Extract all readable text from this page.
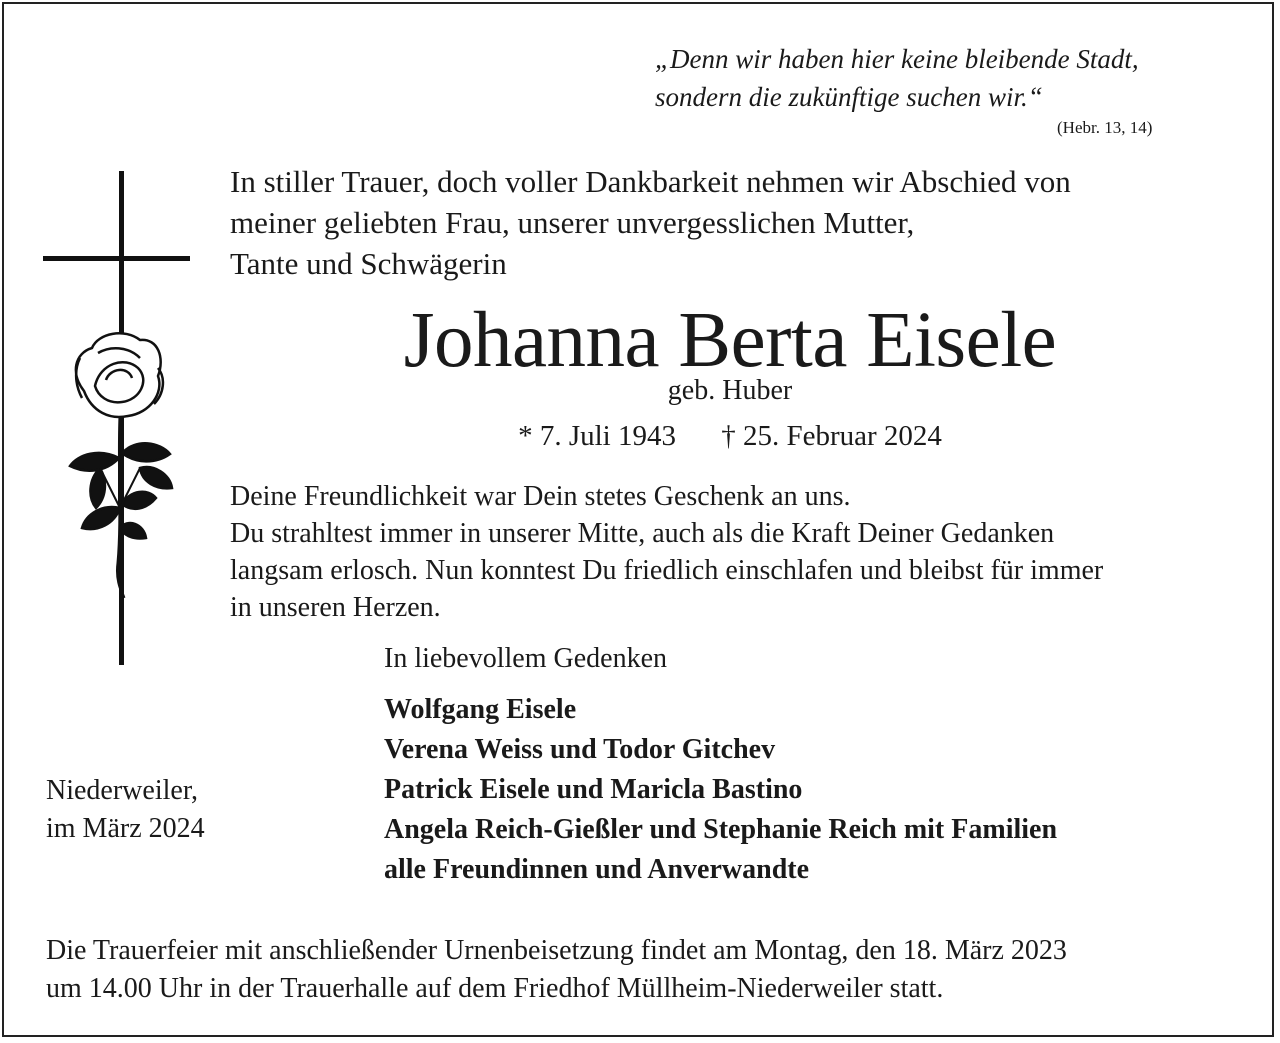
„Denn wir haben hier keine bleibende Stadt,
sondern die zukünftige suchen wir.“
(Hebr. 13, 14)
In stiller Trauer, doch voller Dankbarkeit nehmen wir Abschied von
meiner geliebten Frau, unserer unvergesslichen Mutter,
Tante und Schwägerin
Johanna Berta Eisele
geb. Huber
* 7. Juli 1943 † 25. Februar 2024
Deine Freundlichkeit war Dein stetes Geschenk an uns.
Du strahltest immer in unserer Mitte, auch als die Kraft Deiner Gedanken
langsam erlosch. Nun konntest Du friedlich einschlafen und bleibst für immer
in unseren Herzen.
In liebevollem Gedenken
Wolfgang Eisele
Verena Weiss und Todor Gitchev
Patrick Eisele und Maricla Bastino
Angela Reich-Gießler und Stephanie Reich mit Familien
alle Freundinnen und Anverwandte
Niederweiler,
im März 2024
Die Trauerfeier mit anschließender Urnenbeisetzung findet am Montag, den 18. März 2023
um 14.00 Uhr in der Trauerhalle auf dem Friedhof Müllheim-Niederweiler statt.
